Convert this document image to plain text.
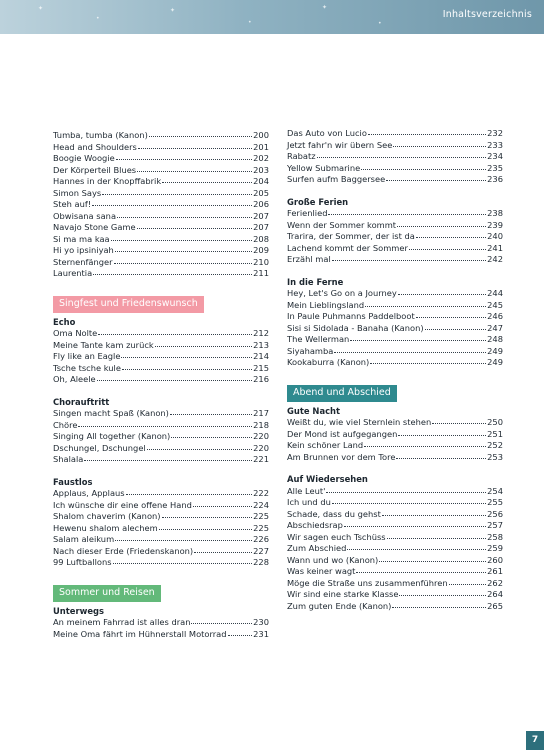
✦
•
✦
•
✦
•
Inhaltsverzeichnis
Tumba, tumba (Kanon)	200
Head and Shoulders	201
Boogie Woogie	202
Der Körperteil Blues	203
Hannes in der Knopffabrik	204
Simon Says	205
Steh auf!	206
Obwisana sana	207
Navajo Stone Game	207
Si ma ma kaa	208
Hi yo ipsiniyah	209
Sternenfänger	210
Laurentia	211
Singfest und Friedenswunsch
Echo
Oma Nolte	212
Meine Tante kam zurück	213
Fly like an Eagle	214
Tsche tsche kule	215
Oh, Aleele	216
Chorauftritt
Singen macht Spaß (Kanon)	217
Chöre	218
Singing All together (Kanon)	220
Dschungel, Dschungel	220
Shalala	221
Faustlos
Applaus, Applaus	222
Ich wünsche dir eine offene Hand	224
Shalom chaverim (Kanon)	225
Hewenu shalom alechem	225
Salam aleikum	226
Nach dieser Erde (Friedenskanon)	227
99 Luftballons	228
Sommer und Reisen
Unterwegs
An meinem Fahrrad ist alles dran	230
Meine Oma fährt im Hühnerstall Motorrad	231
Das Auto von Lucio	232
Jetzt fahr'n wir übern See	233
Rabatz	234
Yellow Submarine	235
Surfen aufm Baggersee	236
Große Ferien
Ferienlied	238
Wenn der Sommer kommt	239
Trarira, der Sommer, der ist da	240
Lachend kommt der Sommer	241
Erzähl mal	242
In die Ferne
Hey, Let's Go on a Journey	244
Mein Lieblingsland	245
In Paule Puhmanns Paddelboot	246
Sisi si Sidolada - Banaha (Kanon)	247
The Wellerman	248
Siyahamba	249
Kookaburra (Kanon)	249
Abend und Abschied
Gute Nacht
Weißt du, wie viel Sternlein stehen	250
Der Mond ist aufgegangen	251
Kein schöner Land	252
Am Brunnen vor dem Tore	253
Auf Wiedersehen
Alle Leut'	254
Ich und du	255
Schade, dass du gehst	256
Abschiedsrap	257
Wir sagen euch Tschüss	258
Zum Abschied	259
Wann und wo (Kanon)	260
Was keiner wagt	261
Möge die Straße uns zusammenführen	262
Wir sind eine starke Klasse	264
Zum guten Ende (Kanon)	265
7
